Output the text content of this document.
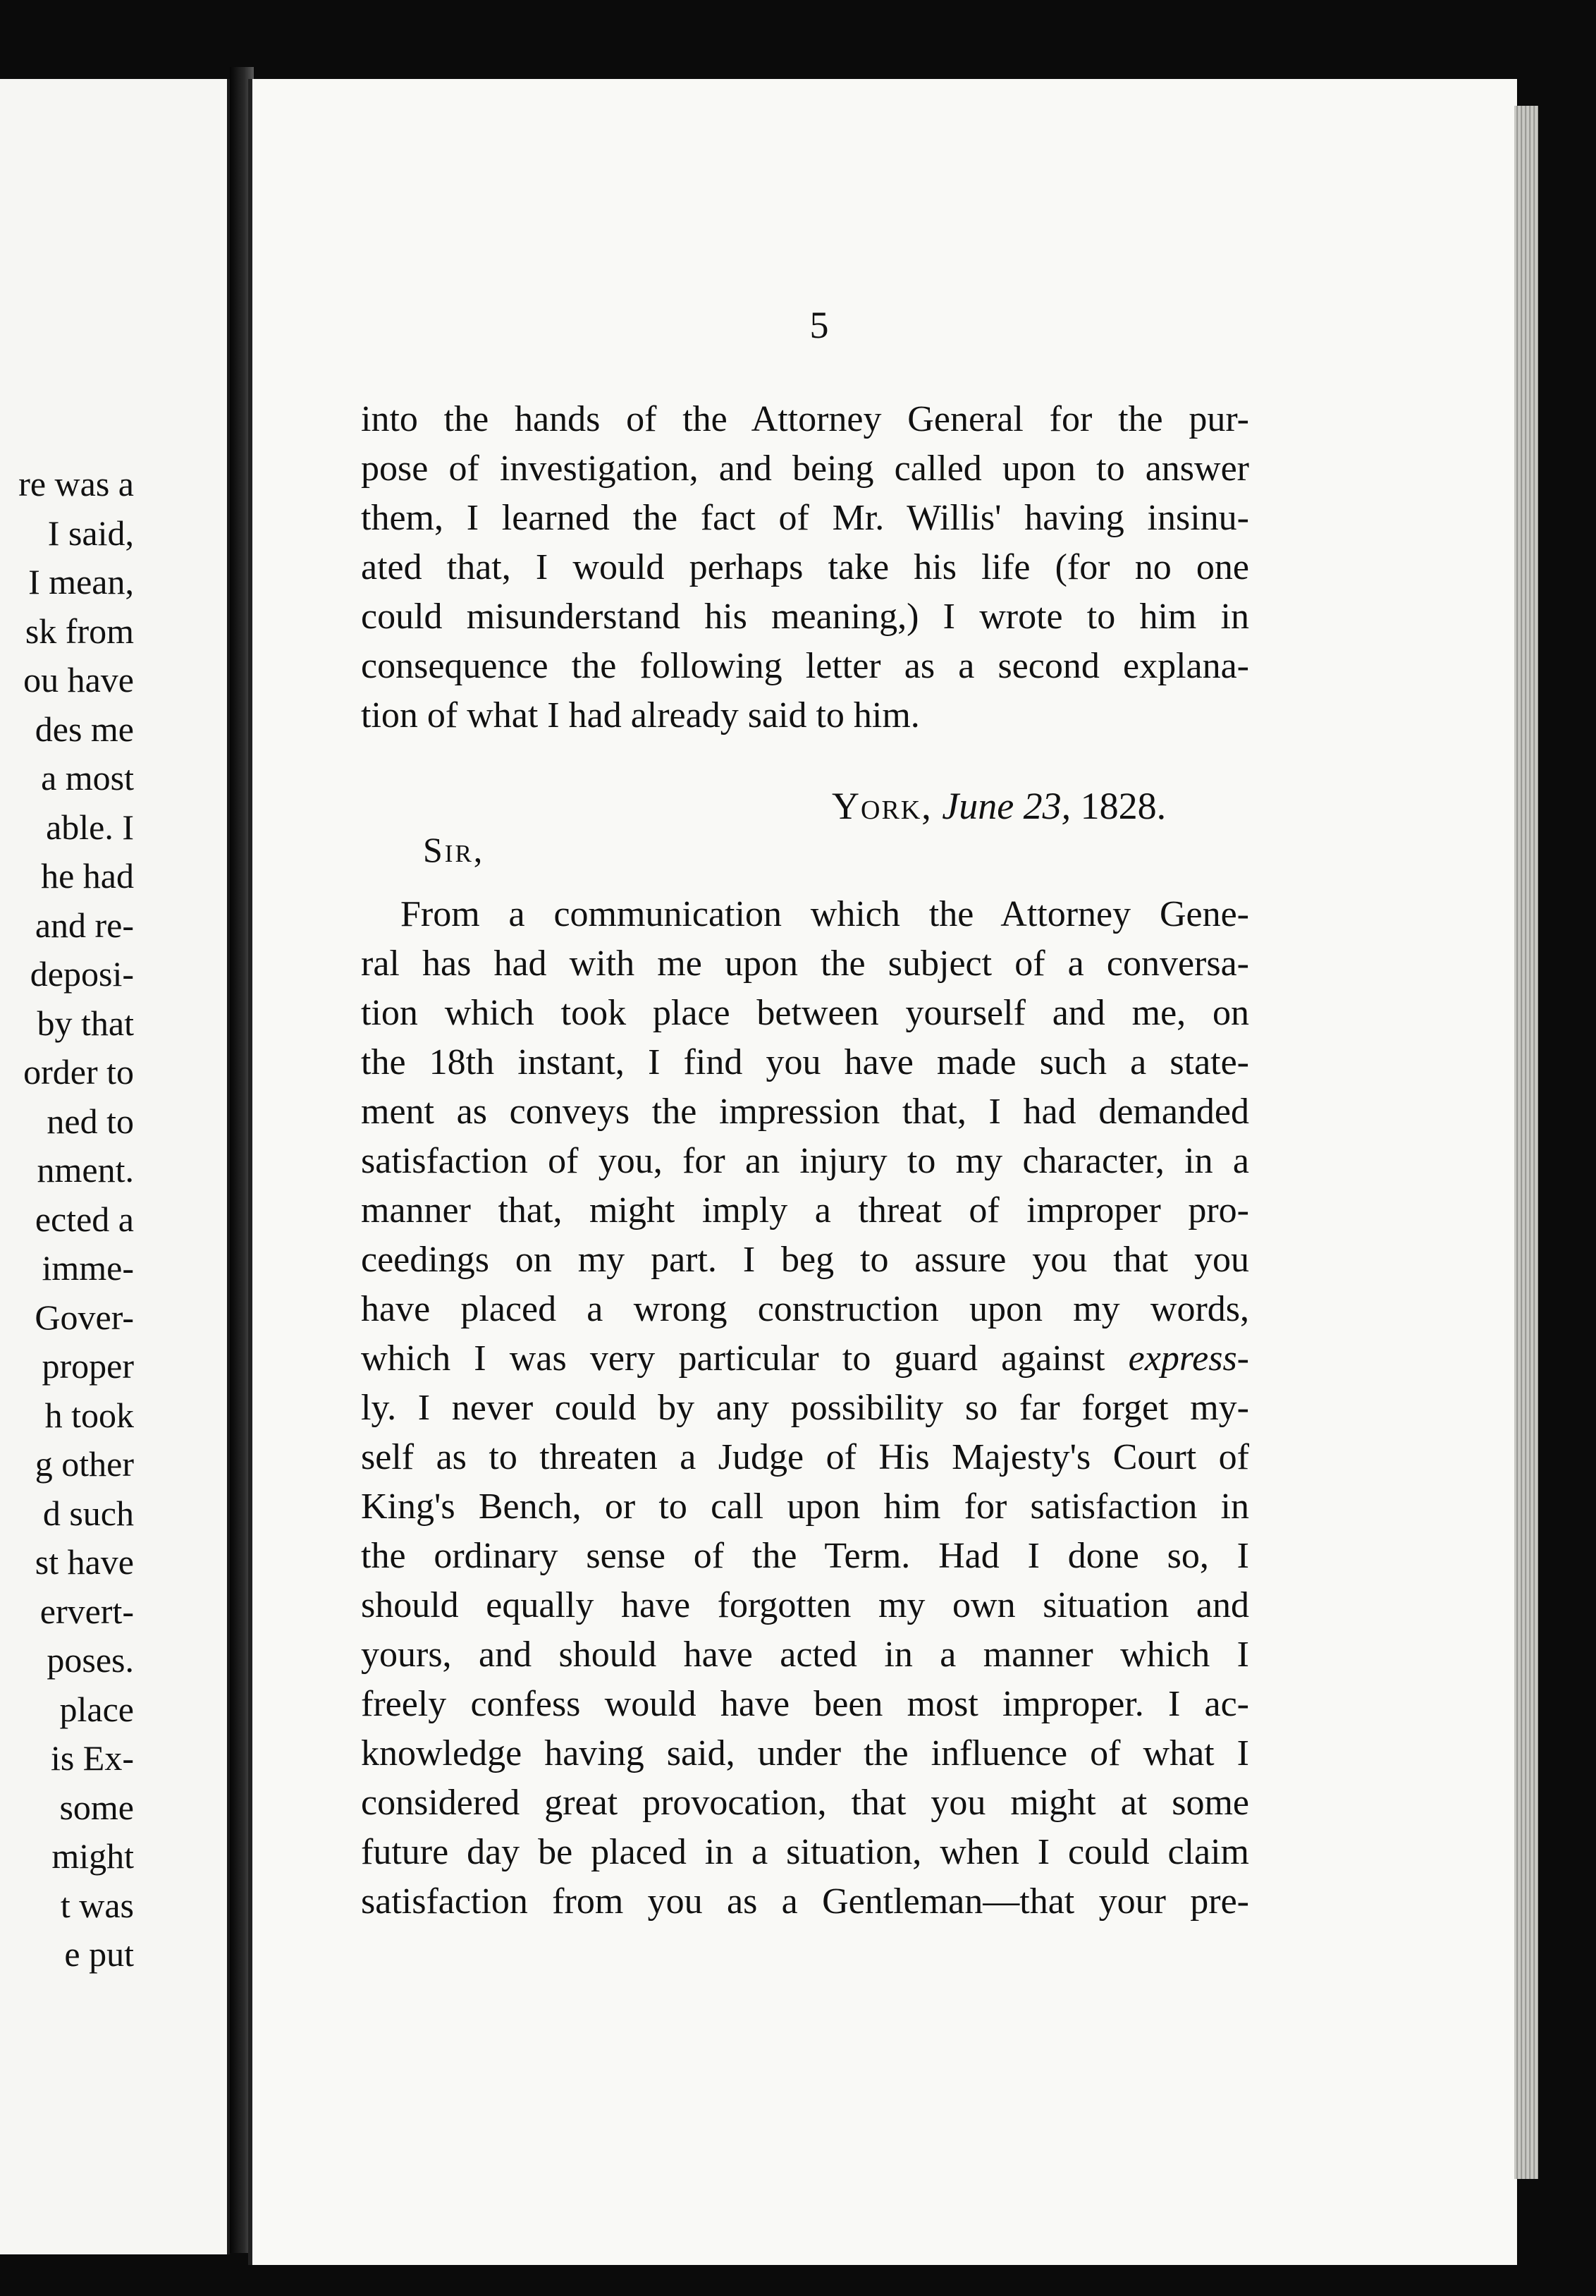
re was a
I said,
I mean,
sk from
ou have
des me
a most
able. I
he had
and re-
deposi-
by that
order to
ned to
nment.
ected a
imme-
Gover-
proper
h took
g other
d such
st have
ervert-
poses.
place
is Ex-
some
might
t was
e put
5
into the hands of the Attorney General for the pur-
pose of investigation, and being called upon to answer
them, I learned the fact of Mr. Willis' having insinu-
ated that, I would perhaps take his life (for no one
could misunderstand his meaning,) I wrote to him in
consequence the following letter as a second explana-
tion of what I had already said to him.
York, June 23, 1828.
Sir,
From a communication which the Attorney Gene-
ral has had with me upon the subject of a conversa-
tion which took place between yourself and me, on
the 18th instant, I find you have made such a state-
ment as conveys the impression that, I had demanded
satisfaction of you, for an injury to my character, in a
manner that, might imply a threat of improper pro-
ceedings on my part. I beg to assure you that you
have placed a wrong construction upon my words,
which I was very particular to guard against express-
ly. I never could by any possibility so far forget my-
self as to threaten a Judge of His Majesty's Court of
King's Bench, or to call upon him for satisfaction in
the ordinary sense of the Term. Had I done so, I
should equally have forgotten my own situation and
yours, and should have acted in a manner which I
freely confess would have been most improper. I ac-
knowledge having said, under the influence of what I
considered great provocation, that you might at some
future day be placed in a situation, when I could claim
satisfaction from you as a Gentleman—that your pre-
